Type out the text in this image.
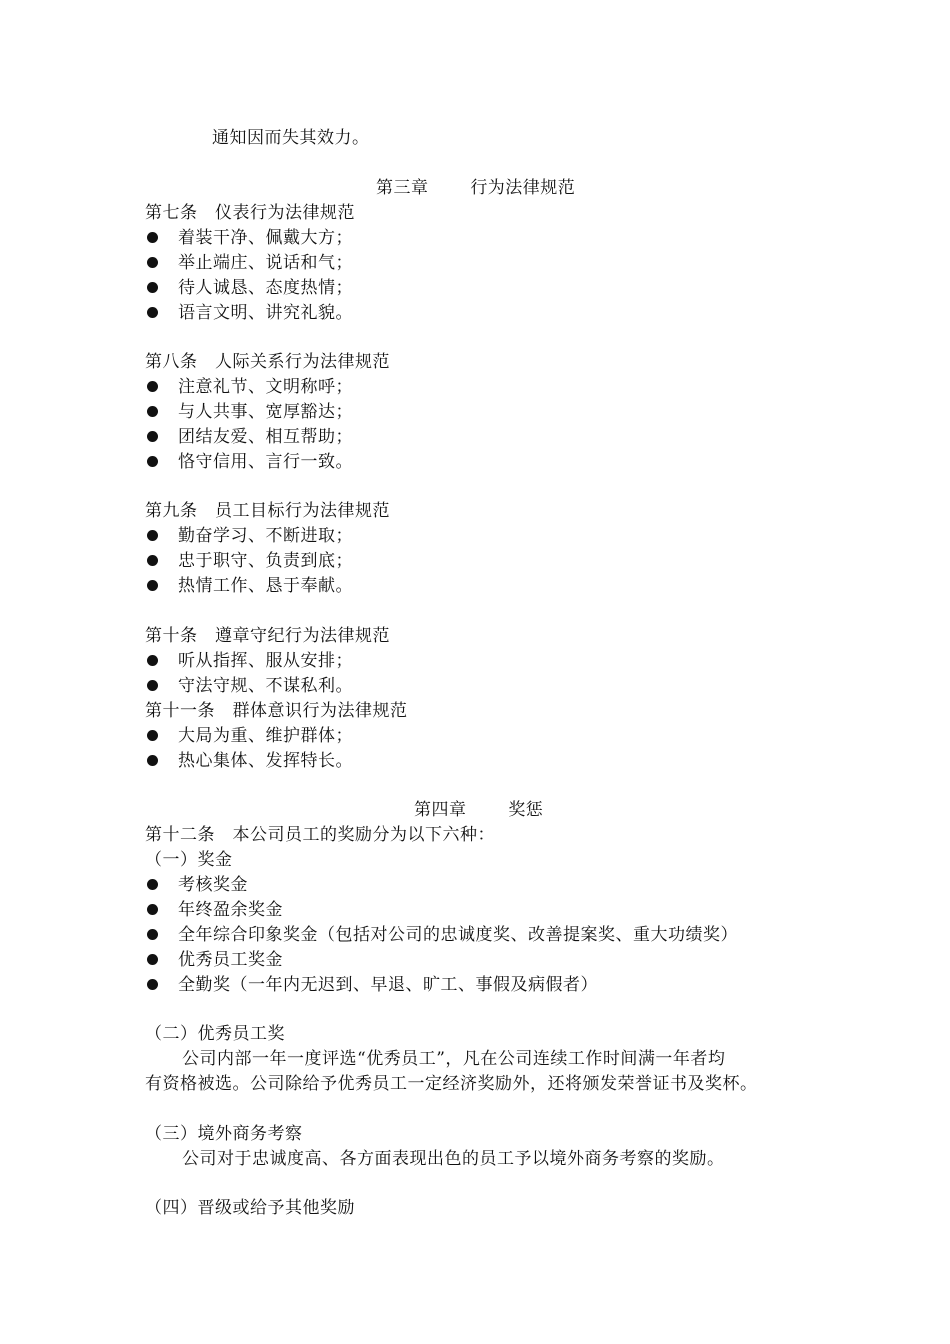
通知因而失其效力。
第三章 行为法律规范
第七条　仪表行为法律规范
着装干净、佩戴大方；
举止端庄、说话和气；
待人诚恳、态度热情；
语言文明、讲究礼貌。
第八条　人际关系行为法律规范
注意礼节、文明称呼；
与人共事、宽厚豁达；
团结友爱、相互帮助；
恪守信用、言行一致。
第九条　员工目标行为法律规范
勤奋学习、不断进取；
忠于职守、负责到底；
热情工作、恳于奉献。
第十条　遵章守纪行为法律规范
听从指挥、服从安排；
守法守规、不谋私利。
第十一条　群体意识行为法律规范
大局为重、维护群体；
热心集体、发挥特长。
第四章 奖惩
第十二条　本公司员工的奖励分为以下六种：
（一）奖金
考核奖金
年终盈余奖金
全年综合印象奖金（包括对公司的忠诚度奖、改善提案奖、重大功绩奖）
优秀员工奖金
全勤奖（一年内无迟到、早退、旷工、事假及病假者）
（二）优秀员工奖
公司内部一年一度评选“优秀员工”，凡在公司连续工作时间满一年者均
有资格被选。公司除给予优秀员工一定经济奖励外，还将颁发荣誉证书及奖杯。
（三）境外商务考察
公司对于忠诚度高、各方面表现出色的员工予以境外商务考察的奖励。
（四）晋级或给予其他奖励
